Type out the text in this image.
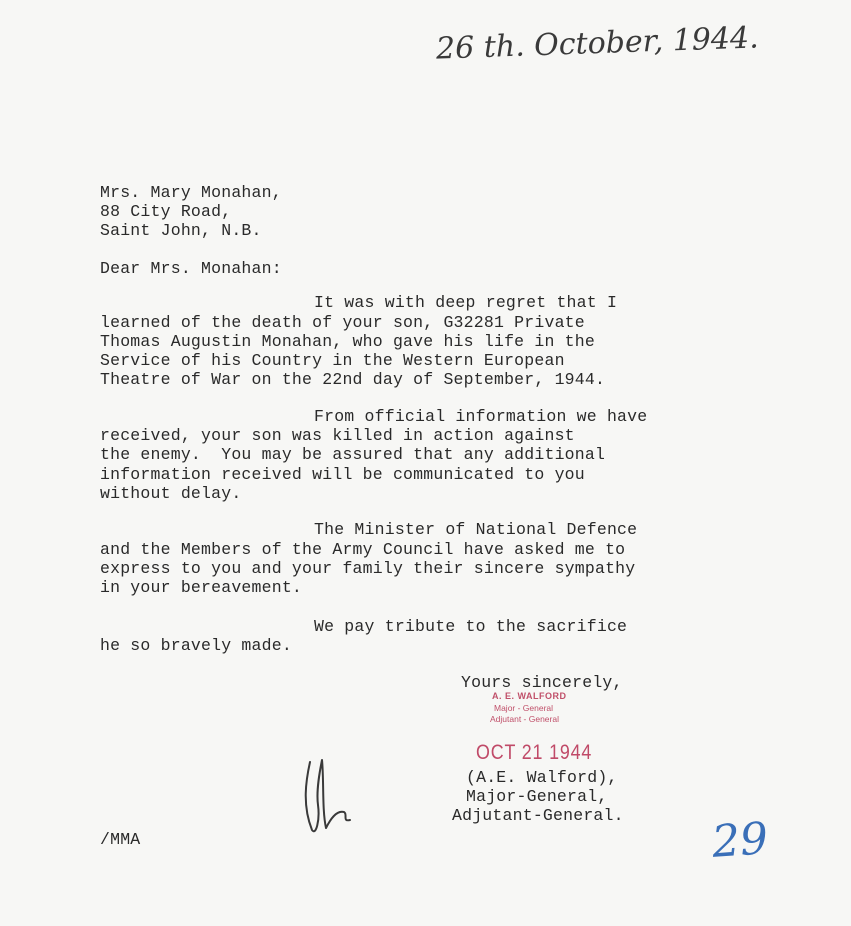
26 th. October, 1944.
Mrs. Mary Monahan,
88 City Road,
Saint John, N.B.
Dear Mrs. Monahan:
It was with deep regret that I
learned of the death of your son, G32281 Private
Thomas Augustin Monahan, who gave his life in the
Service of his Country in the Western European
Theatre of War on the 22nd day of September, 1944.
From official information we have
received, your son was killed in action against
the enemy.  You may be assured that any additional
information received will be communicated to you
without delay.
The Minister of National Defence
and the Members of the Army Council have asked me to
express to you and your family their sincere sympathy
in your bereavement.
We pay tribute to the sacrifice
he so bravely made.
Yours sincerely,
A. E. WALFORD
Major - General
Adjutant - General
OCT 21 1944
(A.E. Walford),
Major-General,
Adjutant-General.
/MMA	29
